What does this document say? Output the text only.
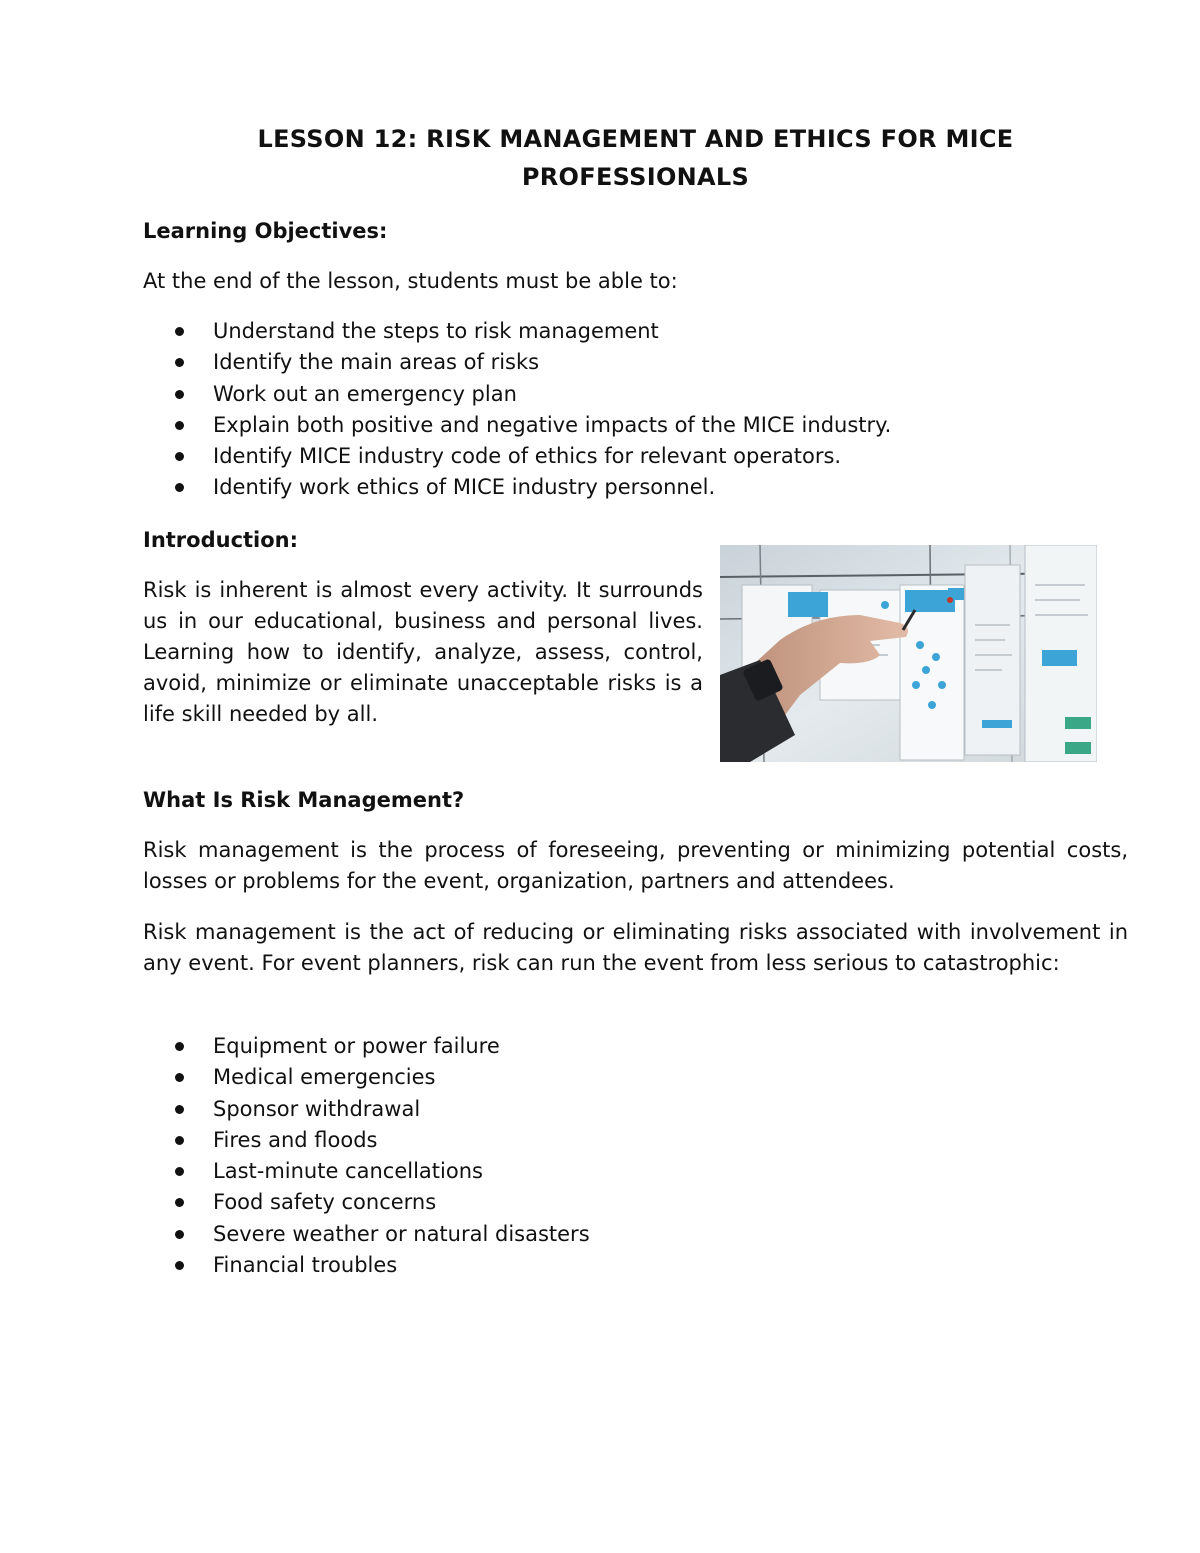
LESSON 12: RISK MANAGEMENT AND ETHICS FOR MICE PROFESSIONALS
Learning Objectives:
At the end of the lesson, students must be able to:
Understand the steps to risk management
Identify the main areas of risks
Work out an emergency plan
Explain both positive and negative impacts of the MICE industry.
Identify MICE industry code of ethics for relevant operators.
Identify work ethics of MICE industry personnel.
Introduction:
Risk is inherent is almost every activity. It surrounds us in our educational, business and personal lives. Learning how to identify, analyze, assess, control, avoid, minimize or eliminate unacceptable risks is a life skill needed by all.
What Is Risk Management?
Risk management is the process of foreseeing, preventing or minimizing potential costs, losses or problems for the event, organization, partners and attendees.
Risk management is the act of reducing or eliminating risks associated with involvement in any event. For event planners, risk can run the event from less serious to catastrophic:
Equipment or power failure
Medical emergencies
Sponsor withdrawal
Fires and floods
Last-minute cancellations
Food safety concerns
Severe weather or natural disasters
Financial troubles
